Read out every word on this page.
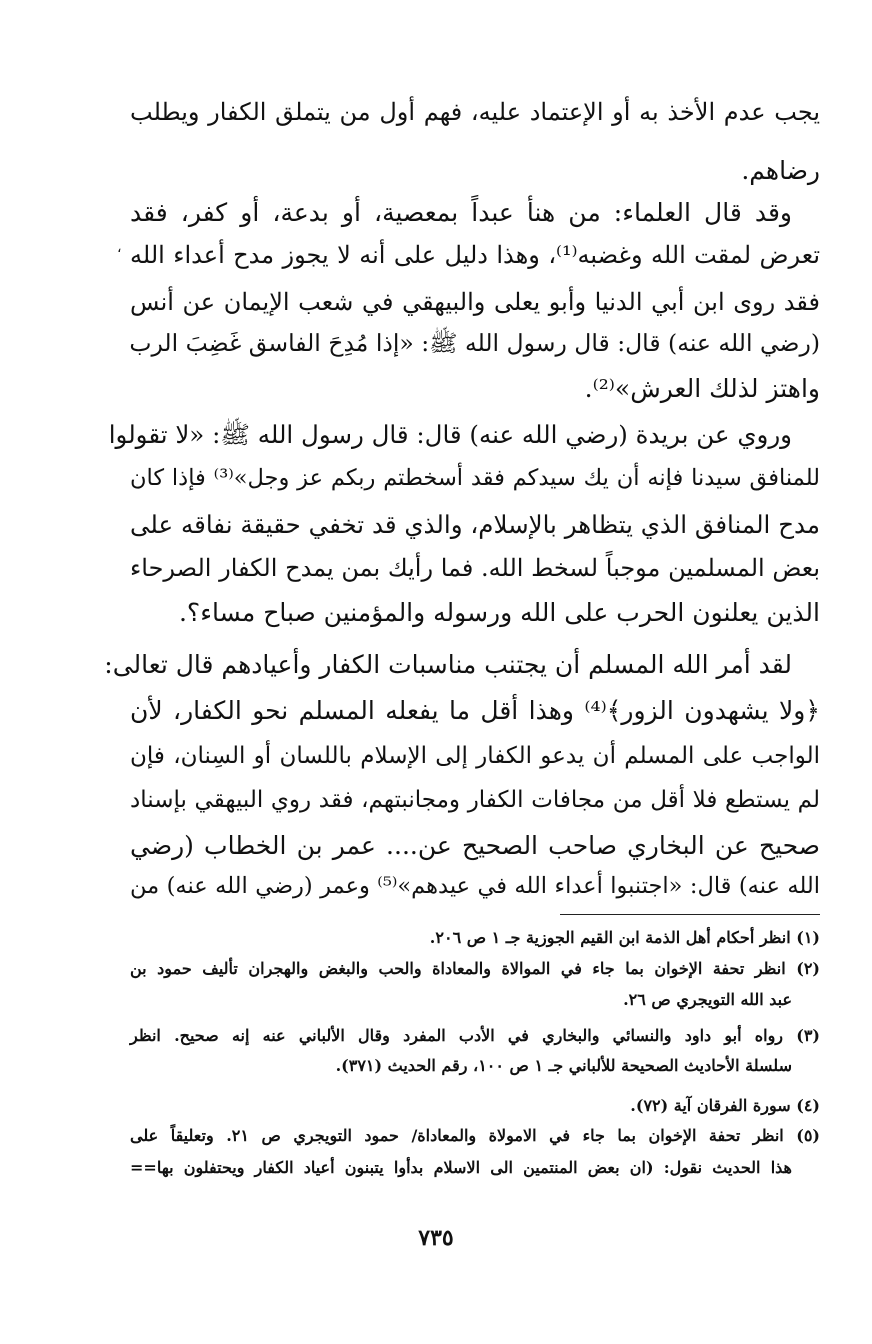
،
يجب عدم الأخذ به أو الإعتماد عليه، فهم أول من يتملق الكفار ويطلب
رضاهم.
وقد قال العلماء: من هنأ عبداً بمعصية، أو بدعة، أو كفر، فقد
تعرض لمقت الله وغضبه⁽¹⁾، وهذا دليل على أنه لا يجوز مدح أعداء الله
فقد روى ابن أبي الدنيا وأبو يعلى والبيهقي في شعب الإيمان عن أنس
(رضي الله عنه) قال: قال رسول الله ﷺ: «إذا مُدِحَ الفاسق غَضِبَ الرب
واهتز لذلك العرش»⁽²⁾.
وروي عن بريدة (رضي الله عنه) قال: قال رسول الله ﷺ: «لا تقولوا
للمنافق سيدنا فإنه أن يك سيدكم فقد أسخطتم ربكم عز وجل»⁽³⁾ فإذا كان
مدح المنافق الذي يتظاهر بالإسلام، والذي قد تخفي حقيقة نفاقه على
بعض المسلمين موجباً لسخط الله. فما رأيك بمن يمدح الكفار الصرحاء
الذين يعلنون الحرب على الله ورسوله والمؤمنين صباح مساء؟.
لقد أمر الله المسلم أن يجتنب مناسبات الكفار وأعيادهم قال تعالى:
﴿ولا يشهدون الزور﴾⁽⁴⁾ وهذا أقل ما يفعله المسلم نحو الكفار، لأن
الواجب على المسلم أن يدعو الكفار إلى الإسلام باللسان أو السِنان، فإن
لم يستطع فلا أقل من مجافات الكفار ومجانبتهم، فقد روي البيهقي بإسناد
صحيح عن البخاري صاحب الصحيح عن.... عمر بن الخطاب (رضي
الله عنه) قال: «اجتنبوا أعداء الله في عيدهم»⁽⁵⁾ وعمر (رضي الله عنه) من
(١) انظر أحكام أهل الذمة ابن القيم الجوزية جـ ١ ص ٢٠٦.
(٢) انظر تحفة الإخوان بما جاء في الموالاة والمعاداة والحب والبغض والهجران تأليف حمود بن
عبد الله التويجري ص ٢٦.
(٣) رواه أبو داود والنسائي والبخاري في الأدب المفرد وقال الألباني عنه إنه صحيح. انظر
سلسلة الأحاديث الصحيحة للألباني جـ ١ ص ١٠٠، رقم الحديث (٣٧١).
(٤) سورة الفرقان آية (٧٢).
(٥) انظر تحفة الإخوان بما جاء في الامولاة والمعاداة/ حمود التويجري ص ٢١. وتعليقاً على
هذا الحديث نقول: (ان بعض المنتمين الى الاسلام بدأوا يتبنون أعياد الكفار ويحتفلون بها==
٧٣٥
